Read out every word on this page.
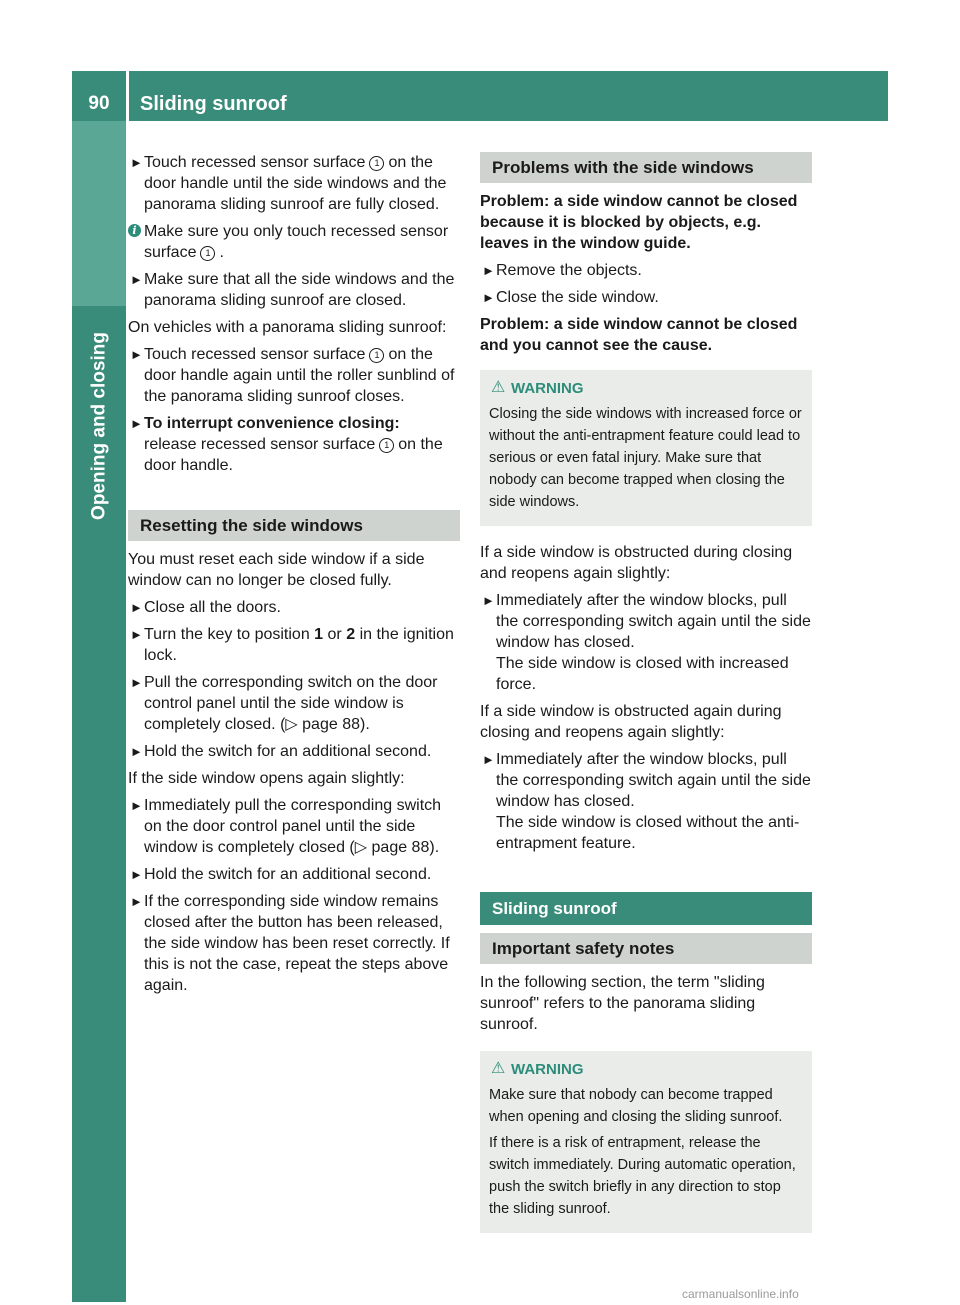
90	Sliding sunroof
Opening and closing
► Touch recessed sensor surface 1 on the door handle until the side windows and the panorama sliding sunroof are fully closed.
i Make sure you only touch recessed sensor surface 1 .
► Make sure that all the side windows and the panorama sliding sunroof are closed.

On vehicles with a panorama sliding sunroof:

► Touch recessed sensor surface 1 on the door handle again until the roller sunblind of the panorama sliding sunroof closes.
► To interrupt convenience closing:
release recessed sensor surface 1 on the door handle.
Resetting the side windows

You must reset each side window if a side window can no longer be closed fully.

► Close all the doors.
► Turn the key to position 1 or 2 in the ignition lock.
► Pull the corresponding switch on the door control panel until the side window is completely closed. (▷ page 88).
► Hold the switch for an additional second.

If the side window opens again slightly:

► Immediately pull the corresponding switch on the door control panel until the side window is completely closed (▷ page 88).
► Hold the switch for an additional second.
► If the corresponding side window remains closed after the button has been released, the side window has been reset correctly. If this is not the case, repeat the steps above again.
Problems with the side windows

Problem: a side window cannot be closed because it is blocked by objects, e.g. leaves in the window guide.

► Remove the objects.
► Close the side window.

Problem: a side window cannot be closed and you cannot see the cause.

⚠ WARNING

Closing the side windows with increased force or without the anti-entrapment feature could lead to serious or even fatal injury. Make sure that nobody can become trapped when closing the side windows.

If a side window is obstructed during closing and reopens again slightly:

► Immediately after the window blocks, pull the corresponding switch again until the side window has closed.
The side window is closed with increased force.

If a side window is obstructed again during closing and reopens again slightly:

► Immediately after the window blocks, pull the corresponding switch again until the side window has closed.
The side window is closed without the anti-entrapment feature.
Sliding sunroof
Important safety notes

In the following section, the term "sliding sunroof" refers to the panorama sliding sunroof.

⚠ WARNING

Make sure that nobody can become trapped when opening and closing the sliding sunroof.

If there is a risk of entrapment, release the switch immediately. During automatic operation, push the switch briefly in any direction to stop the sliding sunroof.

carmanualsonline.info
